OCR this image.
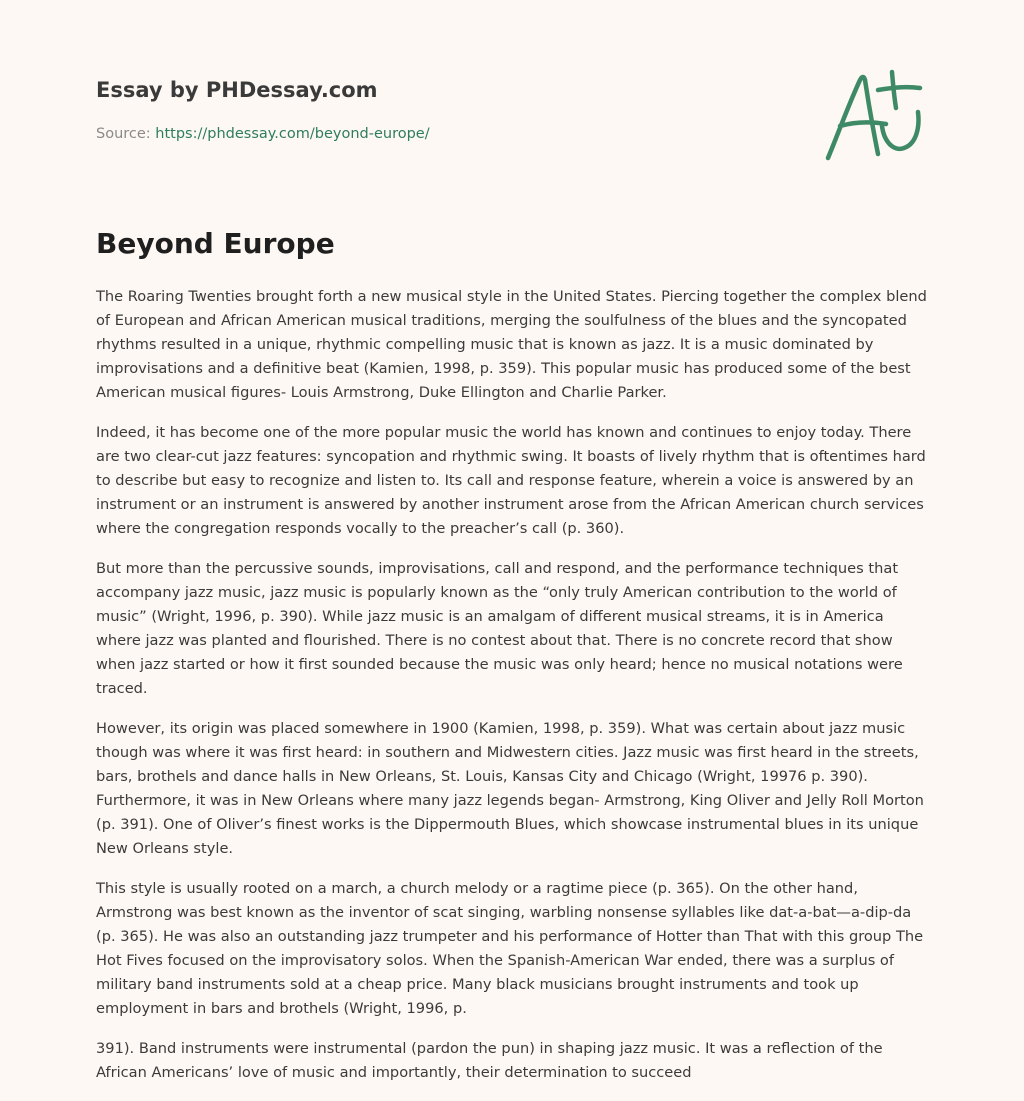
Essay by PHDessay.com
Source: https://phdessay.com/beyond-europe/
Beyond Europe

The Roaring Twenties brought forth a new musical style in the United States. Piercing together the complex blend of European and African American musical traditions, merging the soulfulness of the blues and the syncopated rhythms resulted in a unique, rhythmic compelling music that is known as jazz. It is a music dominated by improvisations and a definitive beat (Kamien, 1998, p. 359). This popular music has produced some of the best American musical figures- Louis Armstrong, Duke Ellington and Charlie Parker.

Indeed, it has become one of the more popular music the world has known and continues to enjoy today. There are two clear-cut jazz features: syncopation and rhythmic swing. It boasts of lively rhythm that is oftentimes hard to describe but easy to recognize and listen to. Its call and response feature, wherein a voice is answered by an instrument or an instrument is answered by another instrument arose from the African American church services where the congregation responds vocally to the preacher’s call (p. 360).

But more than the percussive sounds, improvisations, call and respond, and the performance techniques that accompany jazz music, jazz music is popularly known as the “only truly American contribution to the world of music” (Wright, 1996, p. 390). While jazz music is an amalgam of different musical streams, it is in America where jazz was planted and flourished. There is no contest about that. There is no concrete record that show when jazz started or how it first sounded because the music was only heard; hence no musical notations were traced.

However, its origin was placed somewhere in 1900 (Kamien, 1998, p. 359). What was certain about jazz music though was where it was first heard: in southern and Midwestern cities. Jazz music was first heard in the streets, bars, brothels and dance halls in New Orleans, St. Louis, Kansas City and Chicago (Wright, 19976 p. 390). Furthermore, it was in New Orleans where many jazz legends began- Armstrong, King Oliver and Jelly Roll Morton (p. 391). One of Oliver’s finest works is the Dippermouth Blues, which showcase instrumental blues in its unique New Orleans style.

This style is usually rooted on a march, a church melody or a ragtime piece (p. 365). On the other hand, Armstrong was best known as the inventor of scat singing, warbling nonsense syllables like dat-a-bat—a-dip-da (p. 365). He was also an outstanding jazz trumpeter and his performance of Hotter than That with this group The Hot Fives focused on the improvisatory solos. When the Spanish-American War ended, there was a surplus of military band instruments sold at a cheap price. Many black musicians brought instruments and took up employment in bars and brothels (Wright, 1996, p.

391). Band instruments were instrumental (pardon the pun) in shaping jazz music. It was a reflection of the African Americans’ love of music and importantly, their determination to succeed
